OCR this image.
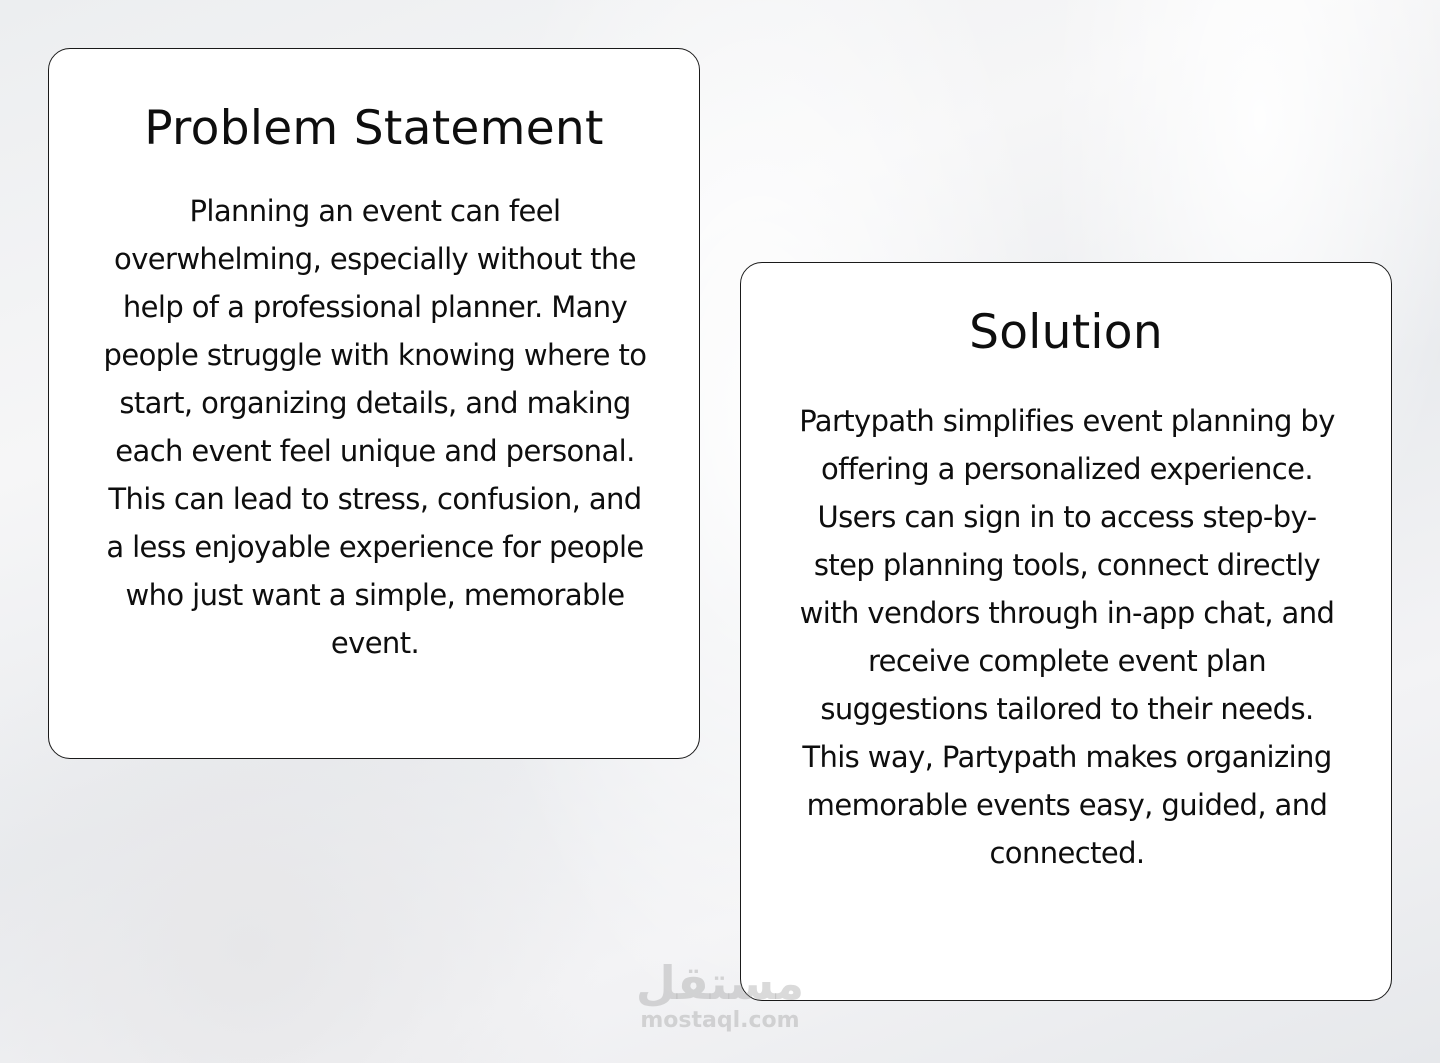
Problem Statement

Planning an event can feel overwhelming, especially without the help of a professional planner. Many people struggle with knowing where to start, organizing details, and making each event feel unique and personal. This can lead to stress, confusion, and a less enjoyable experience for people who just want a simple, memorable event.

Solution

Partypath simplifies event planning by offering a personalized experience. Users can sign in to access step-by-step planning tools, connect directly with vendors through in-app chat, and receive complete event plan suggestions tailored to their needs. This way, Partypath makes organizing memorable events easy, guided, and connected.

مستقل
mostaql.com
